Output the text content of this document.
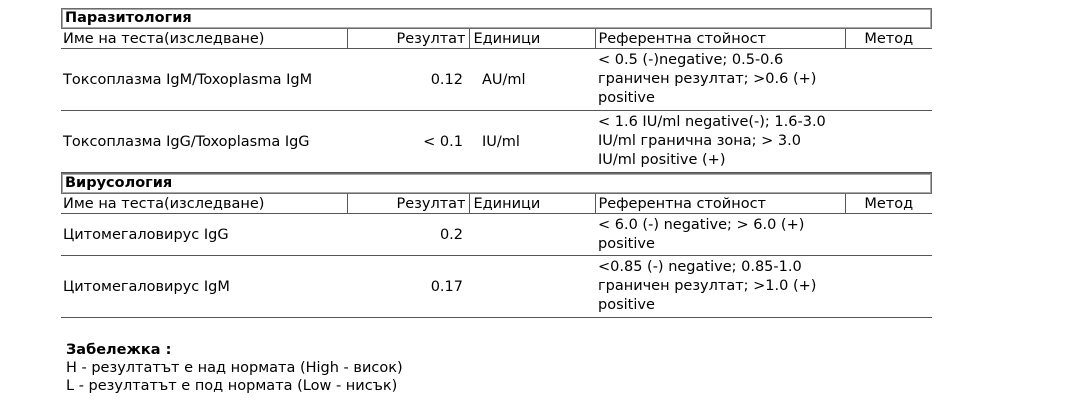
Паразитология
Име на теста(изследване)	Резултат	Единици	Референтна стойност	Метод
Токсоплазма IgM/Toxoplasma IgM	0.12	AU/ml	< 0.5 (-)negative; 0.5-0.6
граничен резултат; >0.6 (+)
positive	

Токсоплазма IgG/Toxoplasma IgG	< 0.1	IU/ml	< 1.6 IU/ml negative(-); 1.6-3.0
IU/ml гранична зона; > 3.0
IU/ml positive (+)	

Вирусология
Име на теста(изследване)	Резултат	Единици	Референтна стойност	Метод
Цитомегаловирус IgG	0.2		< 6.0 (-) negative; > 6.0 (+)
positive	

Цитомегаловирус IgM	0.17		<0.85 (-) negative; 0.85-1.0
граничен резултат; >1.0 (+)
positive	

Забележка :
H - резултатът е над нормата (High - висок)
L - резултатът е под нормата (Low - нисък)
